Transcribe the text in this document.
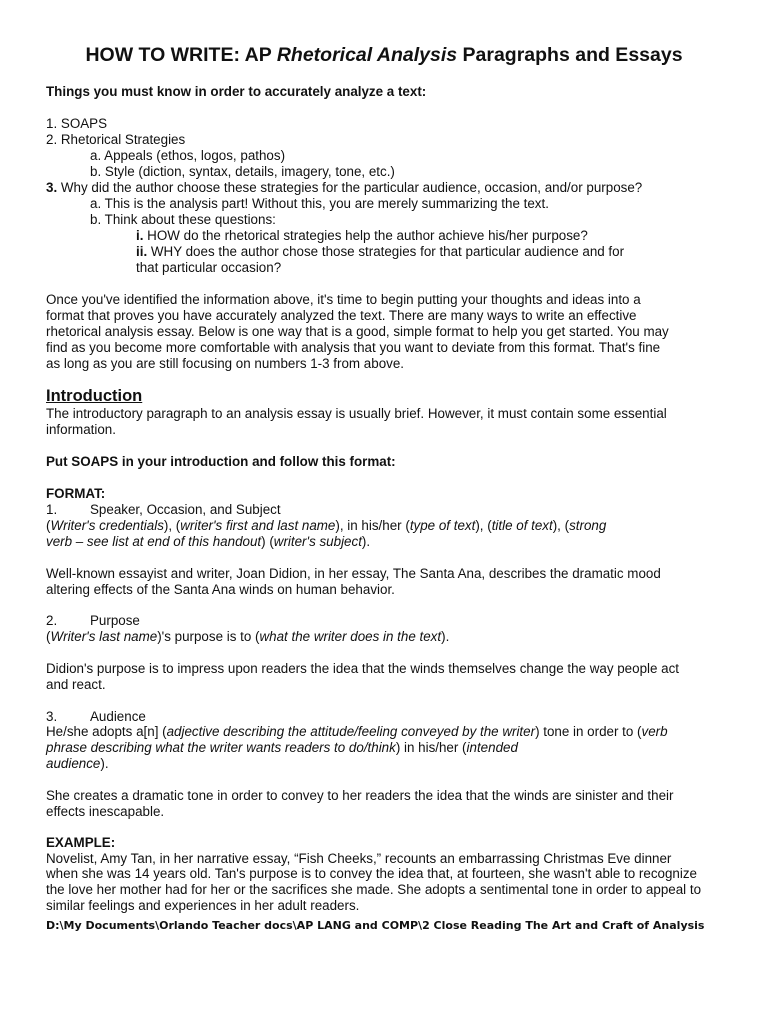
HOW TO WRITE: AP Rhetorical Analysis Paragraphs and Essays
Things you must know in order to accurately analyze a text:
1. SOAPS
2. Rhetorical Strategies
a. Appeals (ethos, logos, pathos)
b. Style (diction, syntax, details, imagery, tone, etc.)
3. Why did the author choose these strategies for the particular audience, occasion, and/or purpose?
a. This is the analysis part! Without this, you are merely summarizing the text.
b. Think about these questions:
i. HOW do the rhetorical strategies help the author achieve his/her purpose?
ii. WHY does the author chose those strategies for that particular audience and for
that particular occasion?
Once you've identified the information above, it's time to begin putting your thoughts and ideas into a
format that proves you have accurately analyzed the text. There are many ways to write an effective
rhetorical analysis essay. Below is one way that is a good, simple format to help you get started. You may
find as you become more comfortable with analysis that you want to deviate from this format. That's fine
as long as you are still focusing on numbers 1-3 from above.
Introduction
The introductory paragraph to an analysis essay is usually brief. However, it must contain some essential
information.
Put SOAPS in your introduction and follow this format:
FORMAT:
1. Speaker, Occasion, and Subject
(Writer's credentials), (writer's first and last name), in his/her (type of text), (title of text), (strong
verb – see list at end of this handout) (writer's subject).
Well-known essayist and writer, Joan Didion, in her essay, The Santa Ana, describes the dramatic mood
altering effects of the Santa Ana winds on human behavior.
2. Purpose
(Writer's last name)'s purpose is to (what the writer does in the text).
Didion's purpose is to impress upon readers the idea that the winds themselves change the way people act
and react.
3. Audience
He/she adopts a[n] (adjective describing the attitude/feeling conveyed by the writer) tone in order to (verb
phrase describing what the writer wants readers to do/think) in his/her (intended
audience).
She creates a dramatic tone in order to convey to her readers the idea that the winds are sinister and their
effects inescapable.
EXAMPLE:
Novelist, Amy Tan, in her narrative essay, “Fish Cheeks,” recounts an embarrassing Christmas Eve dinner
when she was 14 years old. Tan's purpose is to convey the idea that, at fourteen, she wasn't able to recognize
the love her mother had for her or the sacrifices she made. She adopts a sentimental tone in order to appeal to
similar feelings and experiences in her adult readers.
D:\My Documents\Orlando Teacher docs\AP LANG and COMP\2 Close Reading The Art and Craft of Analysis
